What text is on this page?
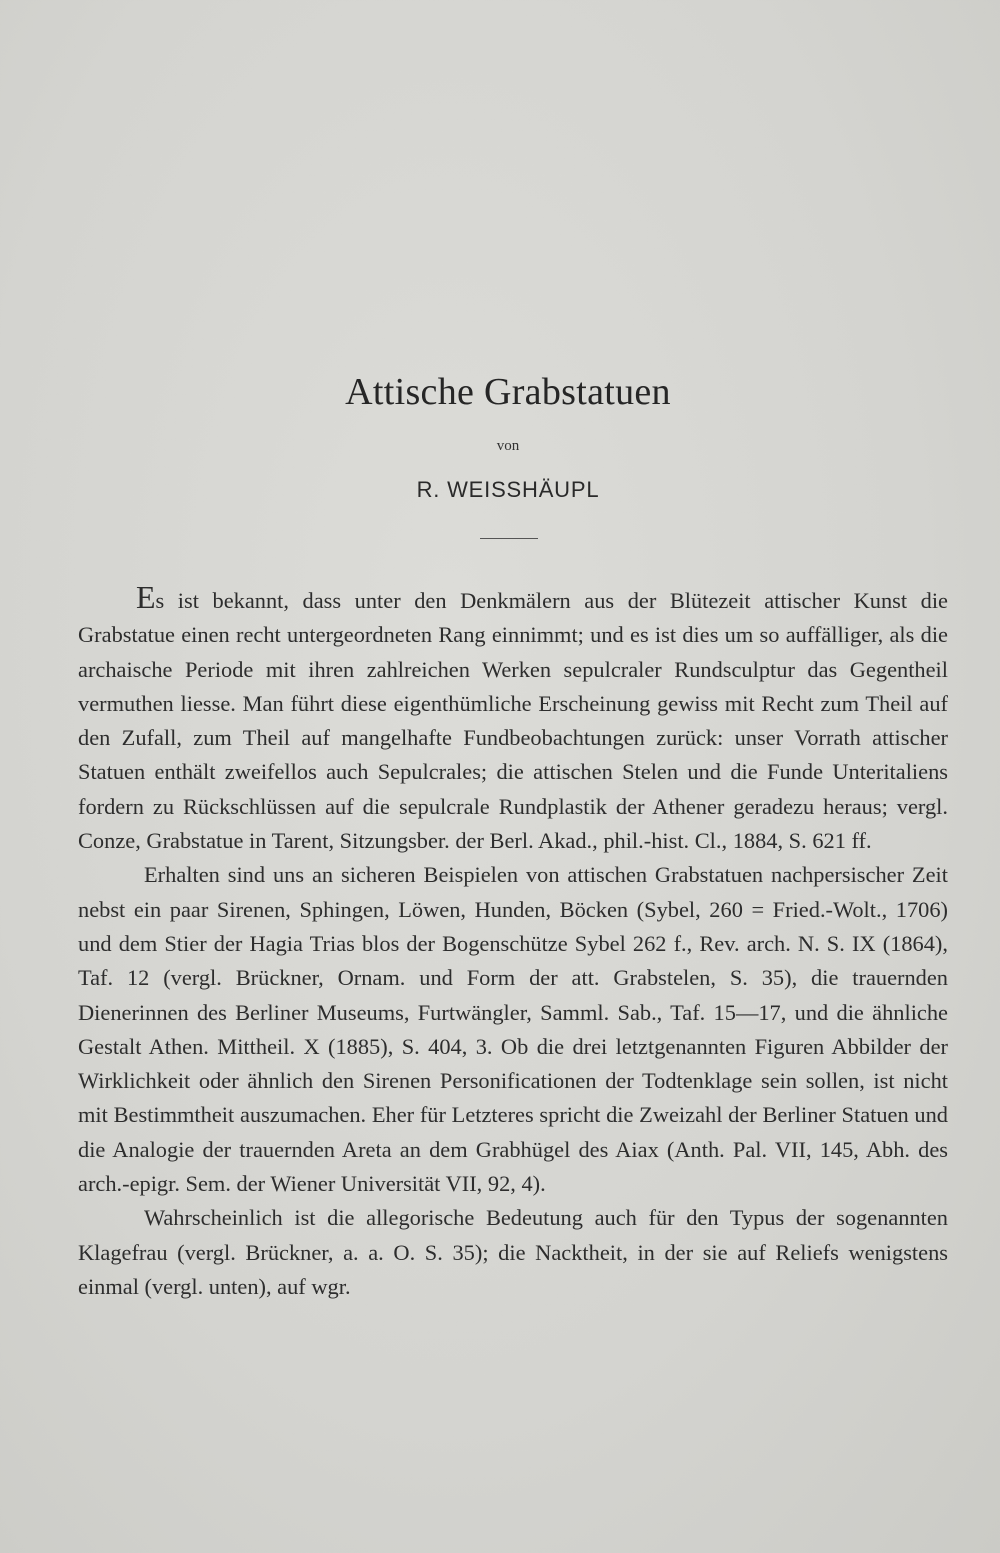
Attische Grabstatuen
von
R. WEISSHÄUPL

Es ist bekannt, dass unter den Denkmälern aus der Blütezeit attischer Kunst die Grabstatue einen recht untergeordneten Rang einnimmt; und es ist dies um so auffälliger, als die archaische Periode mit ihren zahlreichen Werken sepulcraler Rundsculptur das Gegentheil vermuthen liesse. Man führt diese eigenthümliche Erscheinung gewiss mit Recht zum Theil auf den Zufall, zum Theil auf mangelhafte Fundbeobachtungen zurück: unser Vorrath attischer Statuen enthält zweifellos auch Sepulcrales; die attischen Stelen und die Funde Unteritaliens fordern zu Rückschlüssen auf die sepulcrale Rundplastik der Athener geradezu heraus; vergl. Conze, Grabstatue in Tarent, Sitzungsber. der Berl. Akad., phil.-hist. Cl., 1884, S. 621 ff.

Erhalten sind uns an sicheren Beispielen von attischen Grabstatuen nachpersischer Zeit nebst ein paar Sirenen, Sphingen, Löwen, Hunden, Böcken (Sybel, 260 = Fried.-Wolt., 1706) und dem Stier der Hagia Trias blos der Bogenschütze Sybel 262 f., Rev. arch. N. S. IX (1864), Taf. 12 (vergl. Brückner, Ornam. und Form der att. Grabstelen, S. 35), die trauernden Dienerinnen des Berliner Museums, Furtwängler, Samml. Sab., Taf. 15—17, und die ähnliche Gestalt Athen. Mittheil. X (1885), S. 404, 3. Ob die drei letztgenannten Figuren Abbilder der Wirklichkeit oder ähnlich den Sirenen Personificationen der Todtenklage sein sollen, ist nicht mit Bestimmtheit auszumachen. Eher für Letzteres spricht die Zweizahl der Berliner Statuen und die Analogie der trauernden Areta an dem Grabhügel des Aiax (Anth. Pal. VII, 145, Abh. des arch.-epigr. Sem. der Wiener Universität VII, 92, 4).

Wahrscheinlich ist die allegorische Bedeutung auch für den Typus der sogenannten Klagefrau (vergl. Brückner, a. a. O. S. 35); die Nacktheit, in der sie auf Reliefs wenigstens einmal (vergl. unten), auf wgr.
